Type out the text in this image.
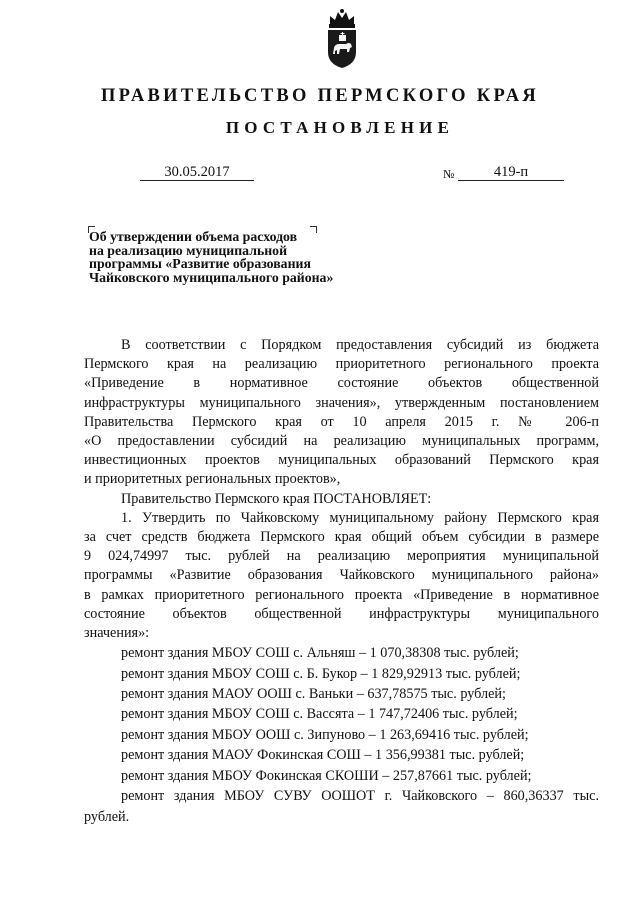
ПРАВИТЕЛЬСТВО ПЕРМСКОГО КРАЯ
ПОСТАНОВЛЕНИЕ
30.05.2017	№	419-п
Об утверждении объема расходов
на реализацию муниципальной
программы «Развитие образования
Чайковского муниципального района»
В соответствии с Порядком предоставления субсидий из бюджета
Пермского края на реализацию приоритетного регионального проекта
«Приведение в нормативное состояние объектов общественной
инфраструктуры муниципального значения», утвержденным постановлением
Правительства Пермского края от 10 апреля 2015 г. № 206-п
«О предоставлении субсидий на реализацию муниципальных программ,
инвестиционных проектов муниципальных образований Пермского края
и приоритетных региональных проектов»,
Правительство Пермского края ПОСТАНОВЛЯЕТ:
1. Утвердить по Чайковскому муниципальному району Пермского края
за счет средств бюджета Пермского края общий объем субсидии в размере
9 024,74997 тыс. рублей на реализацию мероприятия муниципальной
программы «Развитие образования Чайковского муниципального района»
в рамках приоритетного регионального проекта «Приведение в нормативное
состояние объектов общественной инфраструктуры муниципального
значения»:
ремонт здания МБОУ СОШ с. Альняш – 1 070,38308 тыс. рублей;
ремонт здания МБОУ СОШ с. Б. Букор – 1 829,92913 тыс. рублей;
ремонт здания МАОУ ООШ с. Ваньки – 637,78575 тыс. рублей;
ремонт здания МБОУ СОШ с. Вассята – 1 747,72406 тыс. рублей;
ремонт здания МБОУ ООШ с. Зипуново – 1 263,69416 тыс. рублей;
ремонт здания МАОУ Фокинская СОШ – 1 356,99381 тыс. рублей;
ремонт здания МБОУ Фокинская СКОШИ – 257,87661 тыс. рублей;
ремонт здания МБОУ СУВУ ООШОТ г. Чайковского – 860,36337 тыс.
рублей.
